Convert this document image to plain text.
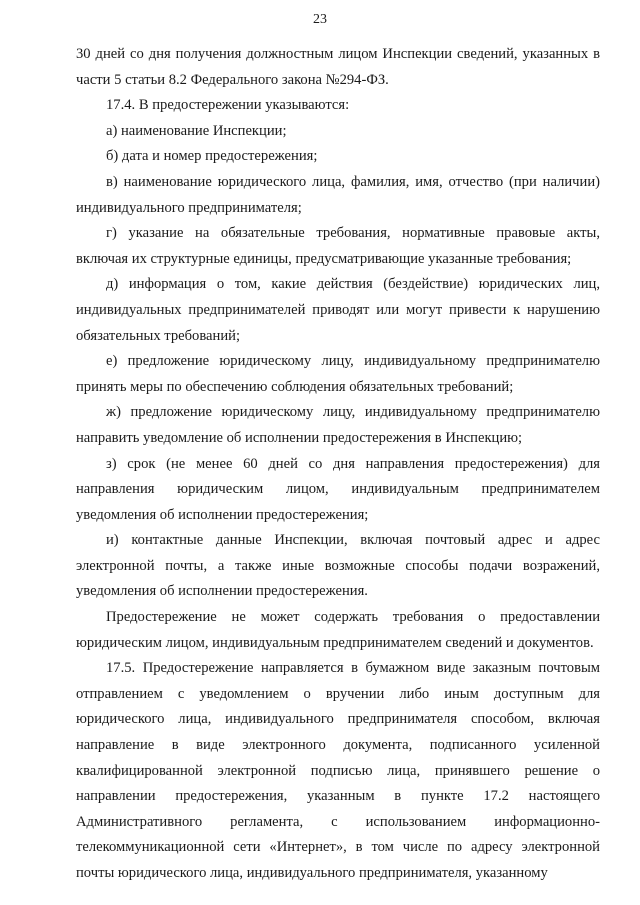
23

30 дней со дня получения должностным лицом Инспекции сведений, указанных в части 5 статьи 8.2 Федерального закона №294-ФЗ.

17.4. В предостережении указываются:

а) наименование Инспекции;

б) дата и номер предостережения;

в) наименование юридического лица, фамилия, имя, отчество (при наличии) индивидуального предпринимателя;

г) указание на обязательные требования, нормативные правовые акты, включая их структурные единицы, предусматривающие указанные требования;

д) информация о том, какие действия (бездействие) юридических лиц, индивидуальных предпринимателей приводят или могут привести к нарушению обязательных требований;

е) предложение юридическому лицу, индивидуальному предпринимателю принять меры по обеспечению соблюдения обязательных требований;

ж) предложение юридическому лицу, индивидуальному предпринимателю направить уведомление об исполнении предостережения в Инспекцию;

з) срок (не менее 60 дней со дня направления предостережения) для направления юридическим лицом, индивидуальным предпринимателем уведомления об исполнении предостережения;

и) контактные данные Инспекции, включая почтовый адрес и адрес электронной почты, а также иные возможные способы подачи возражений, уведомления об исполнении предостережения.

Предостережение не может содержать требования о предоставлении юридическим лицом, индивидуальным предпринимателем сведений и документов.

17.5. Предостережение направляется в бумажном виде заказным почтовым отправлением с уведомлением о вручении либо иным доступным для юридического лица, индивидуального предпринимателя способом, включая направление в виде электронного документа, подписанного усиленной квалифицированной электронной подписью лица, принявшего решение о направлении предостережения, указанным в пункте 17.2 настоящего Административного регламента, с использованием информационно-телекоммуникационной сети «Интернет», в том числе по адресу электронной почты юридического лица, индивидуального предпринимателя, указанному
